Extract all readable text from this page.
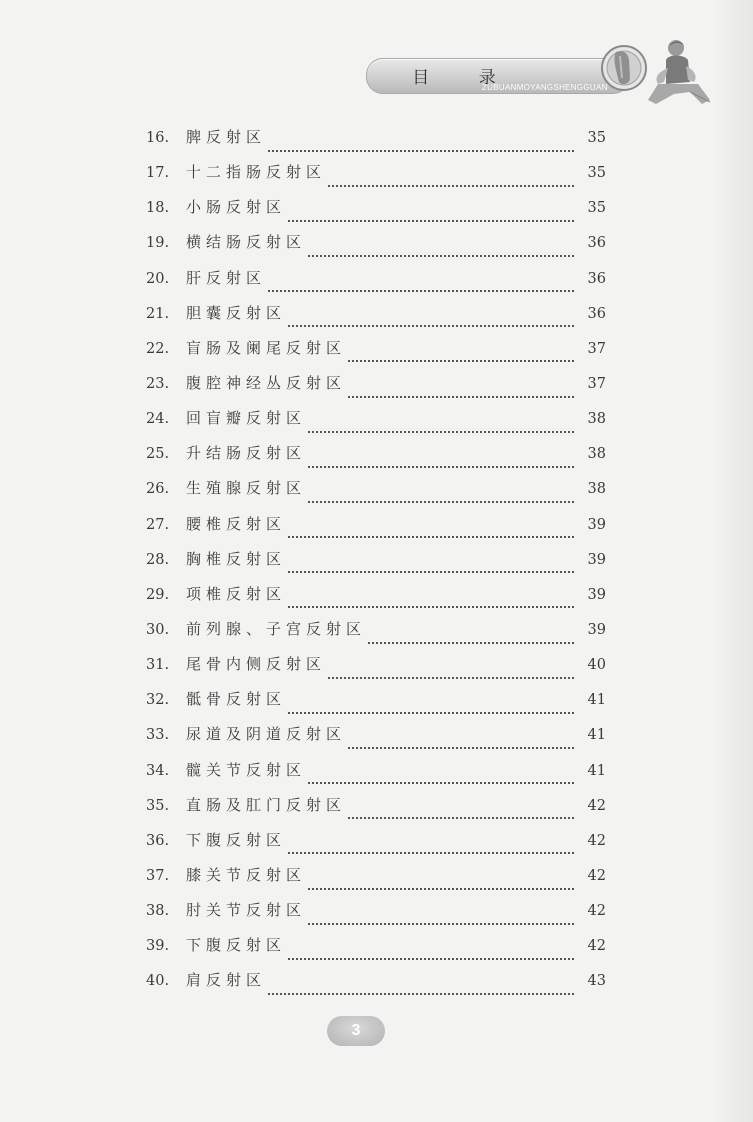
目 录
ZUBUANMOYANGSHENGGUAN
16.	脾反射区	35
17.	十二指肠反射区	35
18.	小肠反射区	35
19.	横结肠反射区	36
20.	肝反射区	36
21.	胆囊反射区	36
22.	盲肠及阑尾反射区	37
23.	腹腔神经丛反射区	37
24.	回盲瓣反射区	38
25.	升结肠反射区	38
26.	生殖腺反射区	38
27.	腰椎反射区	39
28.	胸椎反射区	39
29.	项椎反射区	39
30.	前列腺、子宫反射区	39
31.	尾骨内侧反射区	40
32.	骶骨反射区	41
33.	尿道及阴道反射区	41
34.	髋关节反射区	41
35.	直肠及肛门反射区	42
36.	下腹反射区	42
37.	膝关节反射区	42
38.	肘关节反射区	42
39.	下腹反射区	42
40.	肩反射区	43
3
